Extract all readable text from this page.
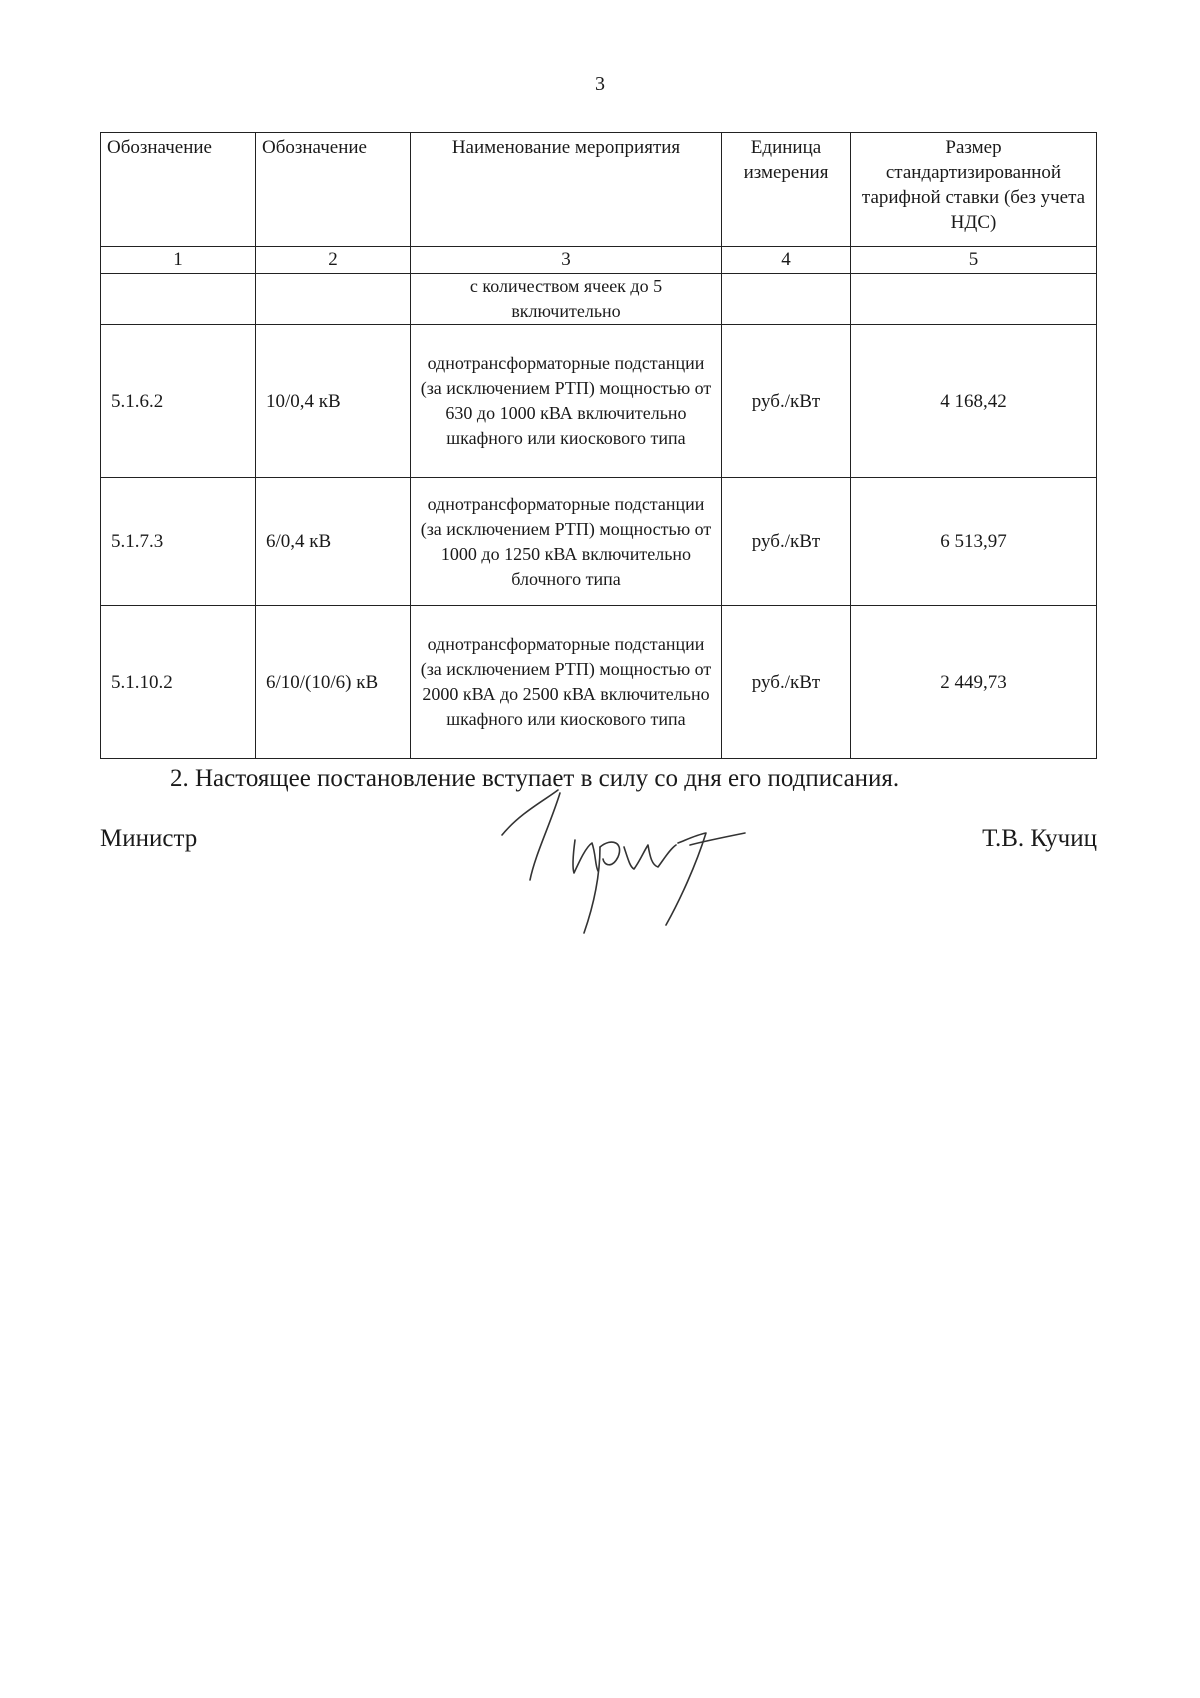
3
Обозначение	Обозначение	Наименование мероприятия	Единица измерения	Размер стандартизированной тарифной ставки (без учета НДС)
1	2	3	4	5
		с количеством ячеек до 5 включительно		
5.1.6.2	10/0,4 кВ	однотрансформаторные подстанции (за исключением РТП) мощностью от 630 до 1000 кВА включительно шкафного или киоскового типа	руб./кВт	4 168,42
5.1.7.3	6/0,4 кВ	однотрансформаторные подстанции (за исключением РТП) мощностью от 1000 до 1250 кВА включительно блочного типа	руб./кВт	6 513,97
5.1.10.2	6/10/(10/6) кВ	однотрансформаторные подстанции (за исключением РТП) мощностью от 2000 кВА до 2500 кВА включительно шкафного или киоскового типа	руб./кВт	2 449,73
2. Настоящее постановление вступает в силу со дня его подписания.
Министр	Т.В. Кучиц
